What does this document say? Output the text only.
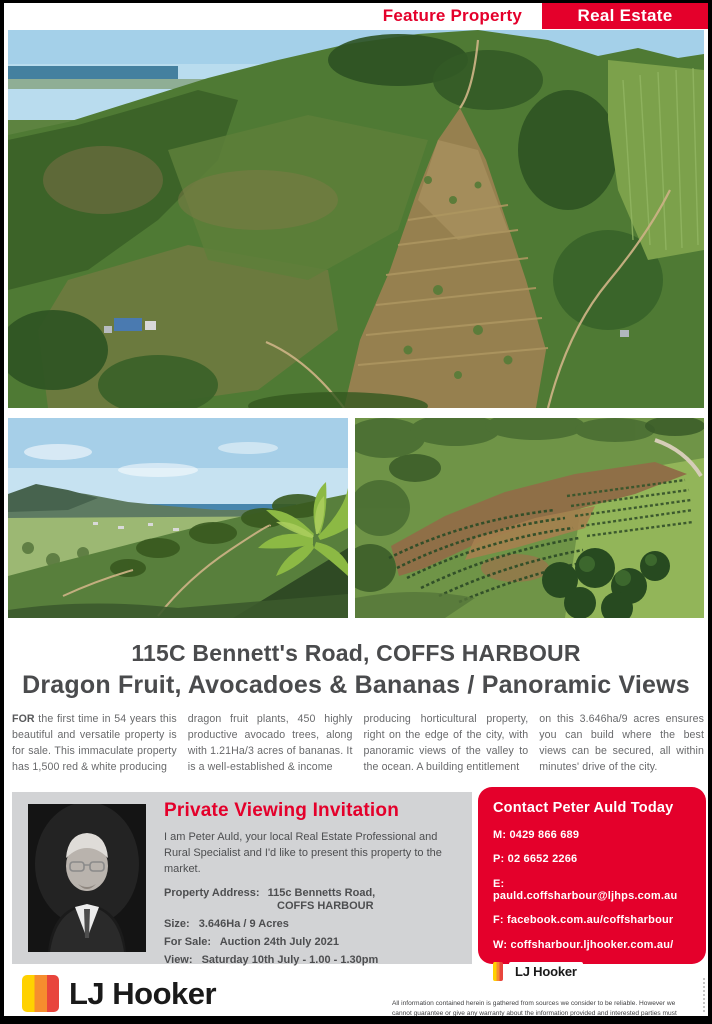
Feature Property	Real Estate
115C Bennett's Road, COFFS HARBOUR
Dragon Fruit, Avocadoes & Bananas / Panoramic Views

FOR the first time in 54 years this beautiful and versatile property is for sale. This immaculate property has 1,500 red & white producing

dragon fruit plants, 450 highly productive avocado trees, along with 1.21Ha/3 acres of bananas. It is a well-established & income

producing horticultural property, right on the edge of the city, with panoramic views of the valley to the ocean. A building entitlement

on this 3.646ha/9 acres ensures you can build where the best views can be secured, all within minutes' drive of the city.

Private Viewing Invitation
I am Peter Auld, your local Real Estate Professional and Rural Specialist and I'd like to present this property to the market.
Property Address: 115c Bennetts Road,
COFFS HARBOUR
Size: 3.646Ha / 9 Acres
For Sale: Auction 24th July 2021
View: Saturday 10th July - 1.00 - 1.30pm
Contact Peter Auld Today
M: 0429 866 689
P: 02 6652 2266
E: pauld.coffsharbour@ljhps.com.au
F: facebook.com.au/coffsharbour
W: coffsharbour.ljhooker.com.au/
LJ Hooker Coffs Harbour
LJ Hooker	All information contained herein is gathered from sources we consider to be reliable. However we cannot guarantee or give any warranty about the information provided and interested parties must solely rely on their own enquiries.
